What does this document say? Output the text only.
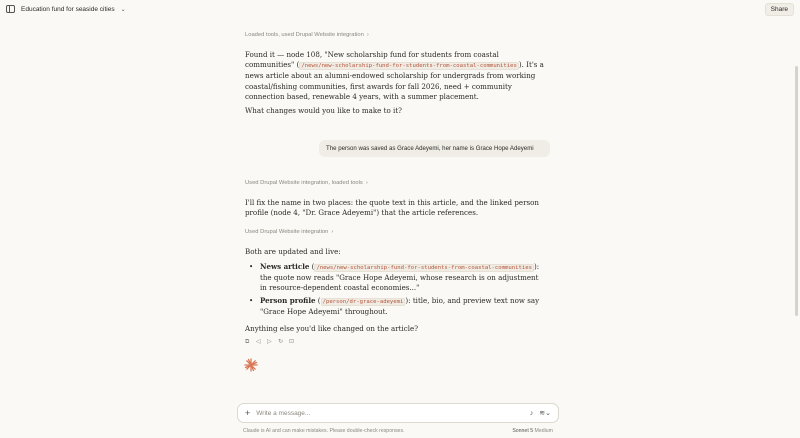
Education fund for seaside cities ⌄	Share
Loaded tools, used Drupal Website integration ›

Found it — node 108, "New scholarship fund for students from coastal communities" ( /news/new-scholarship-fund-for-students-from-coastal-communities ). It's a news article about an alumni-endowed scholarship for undergrads from working coastal/fishing communities, first awards for fall 2026, need + community connection based, renewable 4 years, with a summer placement.

What changes would you like to make to it?

The person was saved as Grace Adeyemi, her name is Grace Hope Adeyemi
Used Drupal Website integration, loaded tools ›

I'll fix the name in two places: the quote text in this article, and the linked person profile (node 4, "Dr. Grace Adeyemi") that the article references.

Used Drupal Website integration ›

Both are updated and live:

• News article ( /news/new-scholarship-fund-for-students-from-coastal-communities ): the quote now reads "Grace Hope Adeyemi, whose research is on adjustment in resource-dependent coastal economies..."
• Person profile ( /person/dr-grace-adeyemi ): title, bio, and preview text now say "Grace Hope Adeyemi" throughout.

Anything else you'd like changed on the article?

⧉ ◁ ▷ ↻ ⊡
+ Write a message...	♪ ≋⌄
Claude is AI and can make mistakes. Please double-check responses.	Sonnet 5 Medium
